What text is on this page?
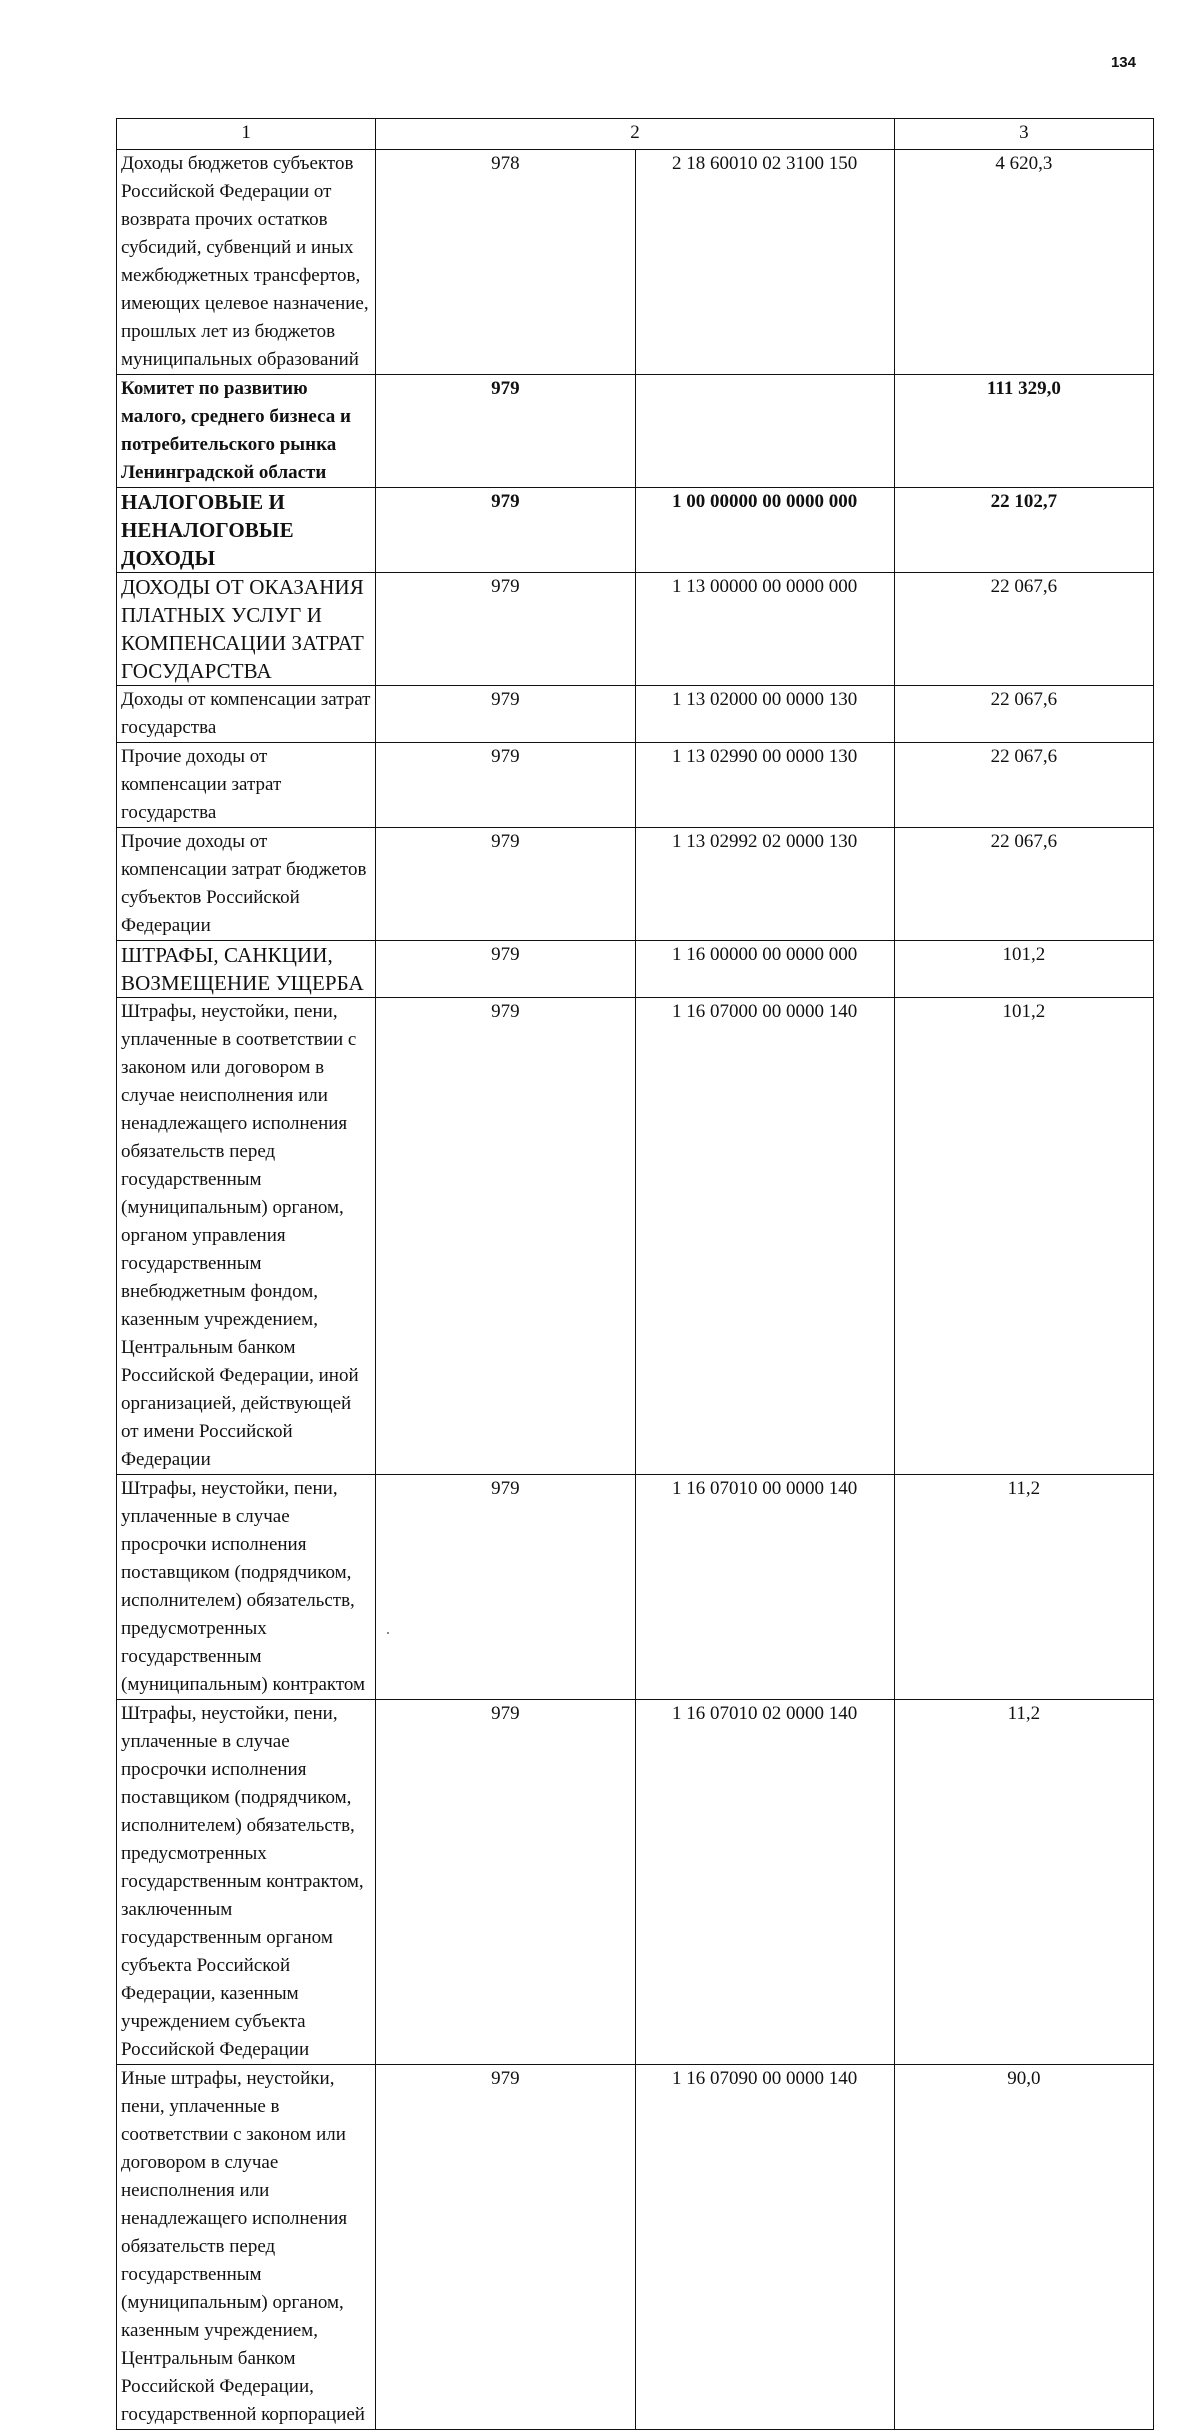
134
1	2		3
Доходы бюджетов субъектов Российской Федерации от возврата прочих остатков субсидий, субвенций и иных межбюджетных трансфертов, имеющих целевое назначение, прошлых лет из бюджетов муниципальных образований	978	2 18 60010 02 3100 150	4 620,3
Комитет по развитию малого, среднего бизнеса и потребительского рынка Ленинградской области	979		111 329,0
НАЛОГОВЫЕ И НЕНАЛОГОВЫЕ ДОХОДЫ	979	1 00 00000 00 0000 000	22 102,7
ДОХОДЫ ОТ ОКАЗАНИЯ ПЛАТНЫХ УСЛУГ И КОМПЕНСАЦИИ ЗАТРАТ ГОСУДАРСТВА	979	1 13 00000 00 0000 000	22 067,6
Доходы от компенсации затрат государства	979	1 13 02000 00 0000 130	22 067,6
Прочие доходы от компенсации затрат государства	979	1 13 02990 00 0000 130	22 067,6
Прочие доходы от компенсации затрат бюджетов субъектов Российской Федерации	979	1 13 02992 02 0000 130	22 067,6
ШТРАФЫ, САНКЦИИ, ВОЗМЕЩЕНИЕ УЩЕРБА	979	1 16 00000 00 0000 000	101,2
Штрафы, неустойки, пени, уплаченные в соответствии с законом или договором в случае неисполнения или ненадлежащего исполнения обязательств перед государственным (муниципальным) органом, органом управления государственным внебюджетным фондом, казенным учреждением, Центральным банком Российской Федерации, иной организацией, действующей от имени Российской Федерации	979	1 16 07000 00 0000 140	101,2
Штрафы, неустойки, пени, уплаченные в случае просрочки исполнения поставщиком (подрядчиком, исполнителем) обязательств, предусмотренных государственным (муниципальным) контрактом	979	1 16 07010 00 0000 140	11,2
Штрафы, неустойки, пени, уплаченные в случае просрочки исполнения поставщиком (подрядчиком, исполнителем) обязательств, предусмотренных государственным контрактом, заключенным государственным органом субъекта Российской Федерации, казенным учреждением субъекта Российской Федерации	979	1 16 07010 02 0000 140	11,2
Иные штрафы, неустойки, пени, уплаченные в соответствии с законом или договором в случае неисполнения или ненадлежащего исполнения обязательств перед государственным (муниципальным) органом, казенным учреждением, Центральным банком Российской Федерации, государственной корпорацией	979	1 16 07090 00 0000 140	90,0
